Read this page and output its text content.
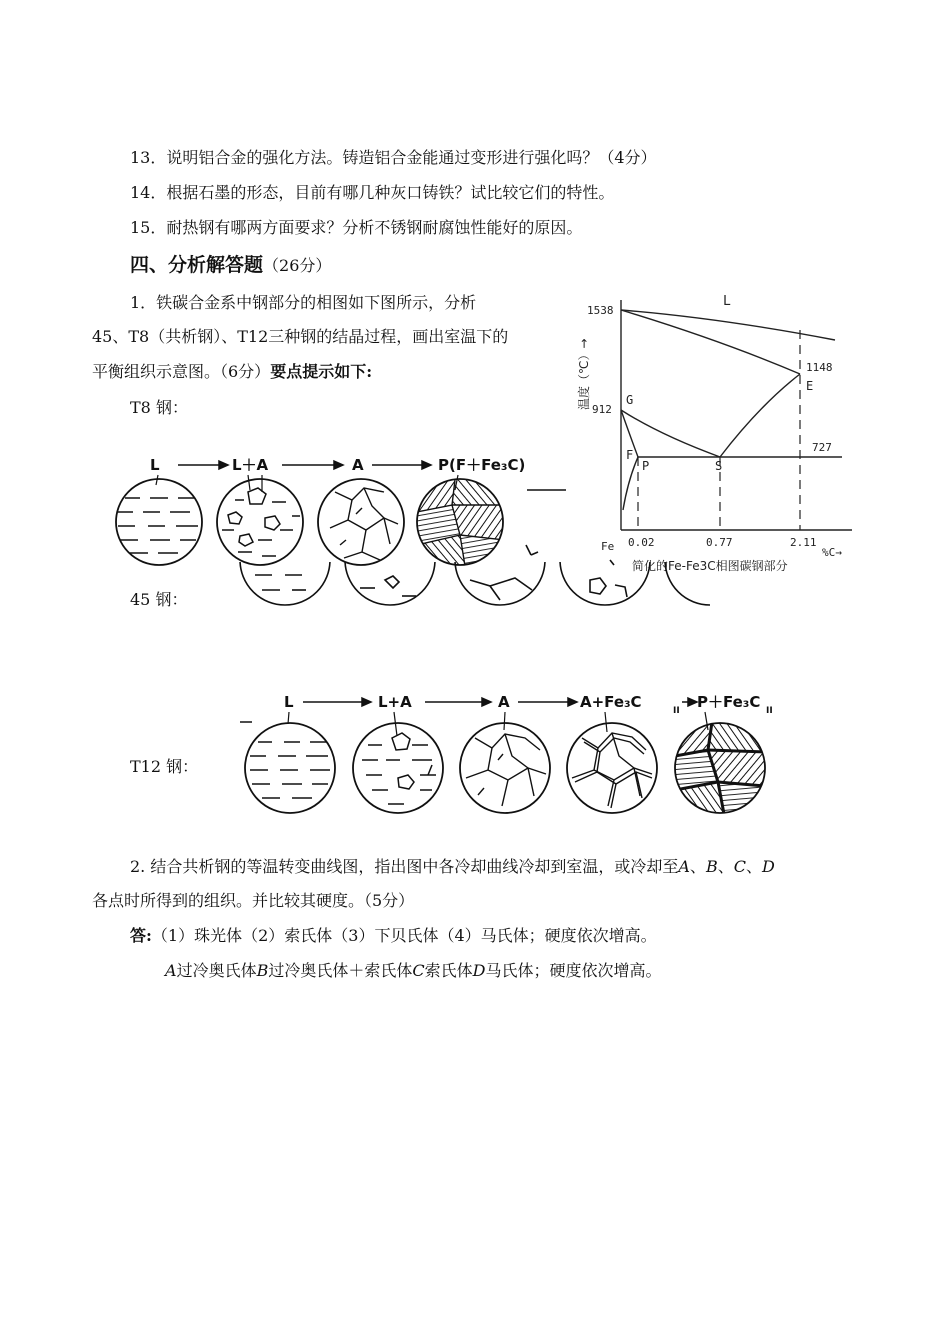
13．说明铝合金的强化方法。铸造铝合金能通过变形进行强化吗？（4分）
14．根据石墨的形态，目前有哪几种灰口铸铁？试比较它们的特性。
15．耐热钢有哪两方面要求？分析不锈钢耐腐蚀性能好的原因。
四、分析解答题（26分）
1．铁碳合金系中钢部分的相图如下图所示，分析
45、T8（共析钢）、T12三种钢的结晶过程，画出室温下的
平衡组织示意图。（6分）要点提示如下:
T8 钢：
45 钢：
T12 钢：
1538
912
1148
727
Fe 0.02	0.77	2.11
%C→
L
G
F
P	S
E
温度（℃）→
简化的Fe-Fe3C相图碳钢部分
L	L＋A	A	P(F＋Fe₃C)
L	L+A	A	A+Fe₃C	II P＋Fe₃C II
2. 结合共析钢的等温转变曲线图，指出图中各冷却曲线冷却到室温，或冷却至A、B、C、D
各点时所得到的组织。并比较其硬度。（5分）
答:（1）珠光体（2）索氏体（3）下贝氏体（4）马氏体；硬度依次增高。
A过冷奥氏体B过冷奥氏体＋索氏体C索氏体D马氏体；硬度依次增高。
